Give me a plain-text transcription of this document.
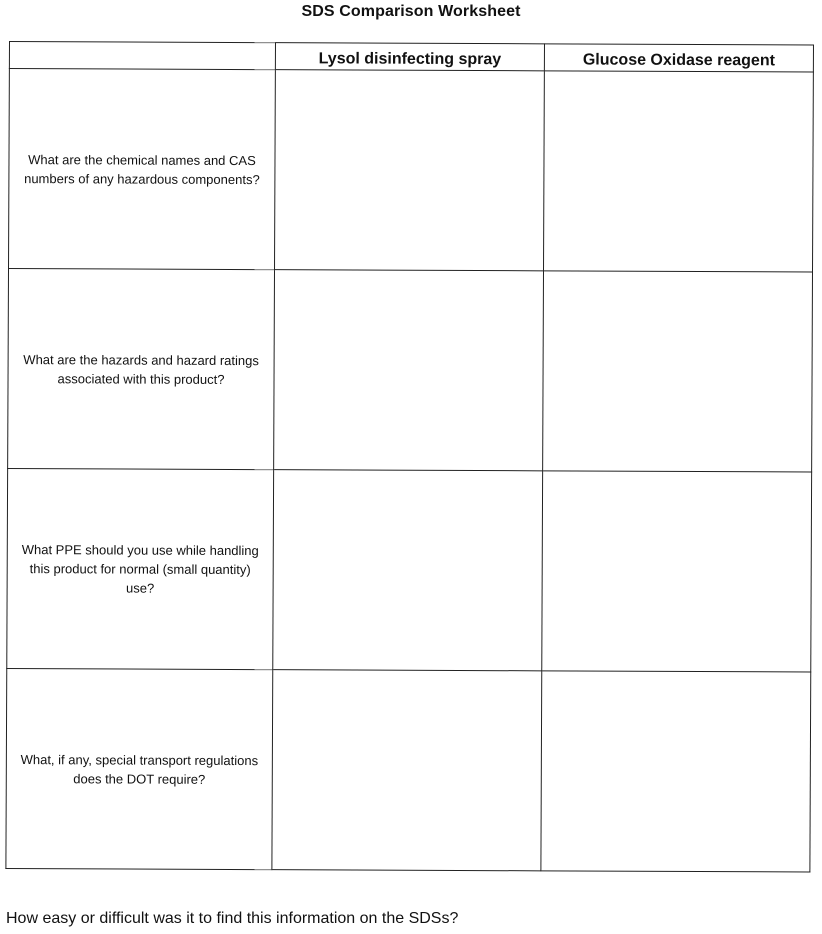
SDS Comparison Worksheet
	Lysol disinfecting spray	Glucose Oxidase reagent
What are the chemical names and CAS numbers of any hazardous components?		
What are the hazards and hazard ratings associated with this product?		
What PPE should you use while handling this product for normal (small quantity) use?		
What, if any, special transport regulations does the DOT require?		
How easy or difficult was it to find this information on the SDSs?
